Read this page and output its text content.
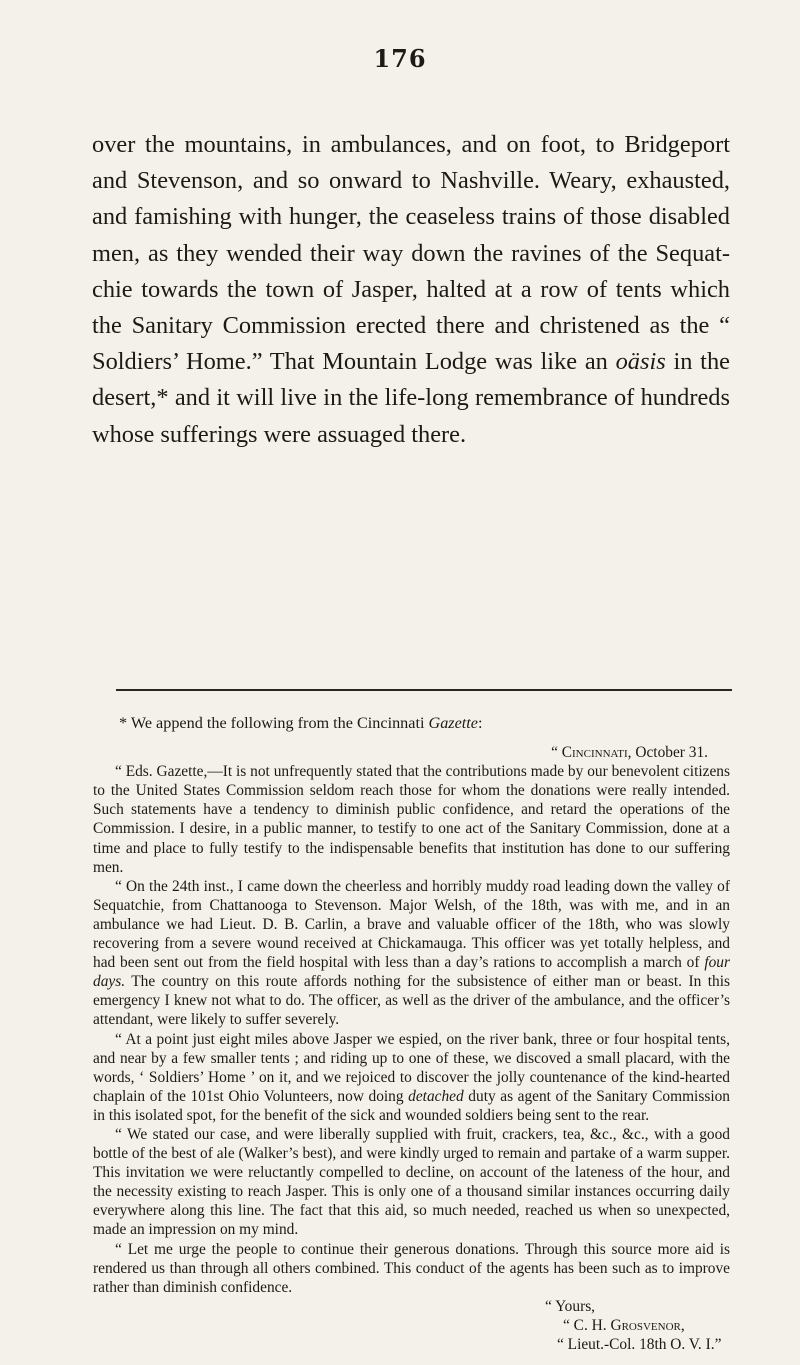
176

over the mountains, in ambulances, and on foot, to Bridgeport and Stevenson, and so onward to Nashville. Weary, exhausted, and famishing with hunger, the ceaseless trains of those disabled men, as they wended their way down the ravines of the Sequatchie towards the town of Jasper, halted at a row of tents which the Sanitary Commission erected there and christened as the “ Soldiers’ Home.” That Mountain Lodge was like an oäsis in the desert,* and it will live in the life-long remembrance of hundreds whose sufferings were assuaged there.

* We append the following from the Cincinnati Gazette:

“ Cincinnati, October 31.

“ Eds. Gazette,—It is not unfrequently stated that the contributions made by our benevolent citizens to the United States Commission seldom reach those for whom the donations were really intended. Such statements have a tendency to diminish public confidence, and retard the operations of the Commission. I desire, in a public manner, to testify to one act of the Sanitary Commission, done at a time and place to fully testify to the indispensable benefits that institution has done to our suffering men.

“ On the 24th inst., I came down the cheerless and horribly muddy road leading down the valley of Sequatchie, from Chattanooga to Stevenson. Major Welsh, of the 18th, was with me, and in an ambulance we had Lieut. D. B. Carlin, a brave and valuable officer of the 18th, who was slowly recovering from a severe wound received at Chickamauga. This officer was yet totally helpless, and had been sent out from the field hospital with less than a day’s rations to accomplish a march of four days. The country on this route affords nothing for the subsistence of either man or beast. In this emergency I knew not what to do. The officer, as well as the driver of the ambulance, and the officer’s attendant, were likely to suffer severely.

“ At a point just eight miles above Jasper we espied, on the river bank, three or four hospital tents, and near by a few smaller tents ; and riding up to one of these, we discoved a small placard, with the words, ‘ Soldiers’ Home ’ on it, and we rejoiced to discover the jolly countenance of the kind-hearted chaplain of the 101st Ohio Volunteers, now doing detached duty as agent of the Sanitary Commission in this isolated spot, for the benefit of the sick and wounded soldiers being sent to the rear.

“ We stated our case, and were liberally supplied with fruit, crackers, tea, &c., &c., with a good bottle of the best of ale (Walker’s best), and were kindly urged to remain and partake of a warm supper. This invitation we were reluctantly compelled to decline, on account of the lateness of the hour, and the necessity existing to reach Jasper. This is only one of a thousand similar instances occurring daily everywhere along this line. The fact that this aid, so much needed, reached us when so unexpected, made an impression on my mind.

“ Let me urge the people to continue their generous donations. Through this source more aid is rendered us than through all others combined. This conduct of the agents has been such as to improve rather than diminish confidence.

“ Yours,

“ C. H. Grosvenor,

“ Lieut.-Col. 18th O. V. I.”
